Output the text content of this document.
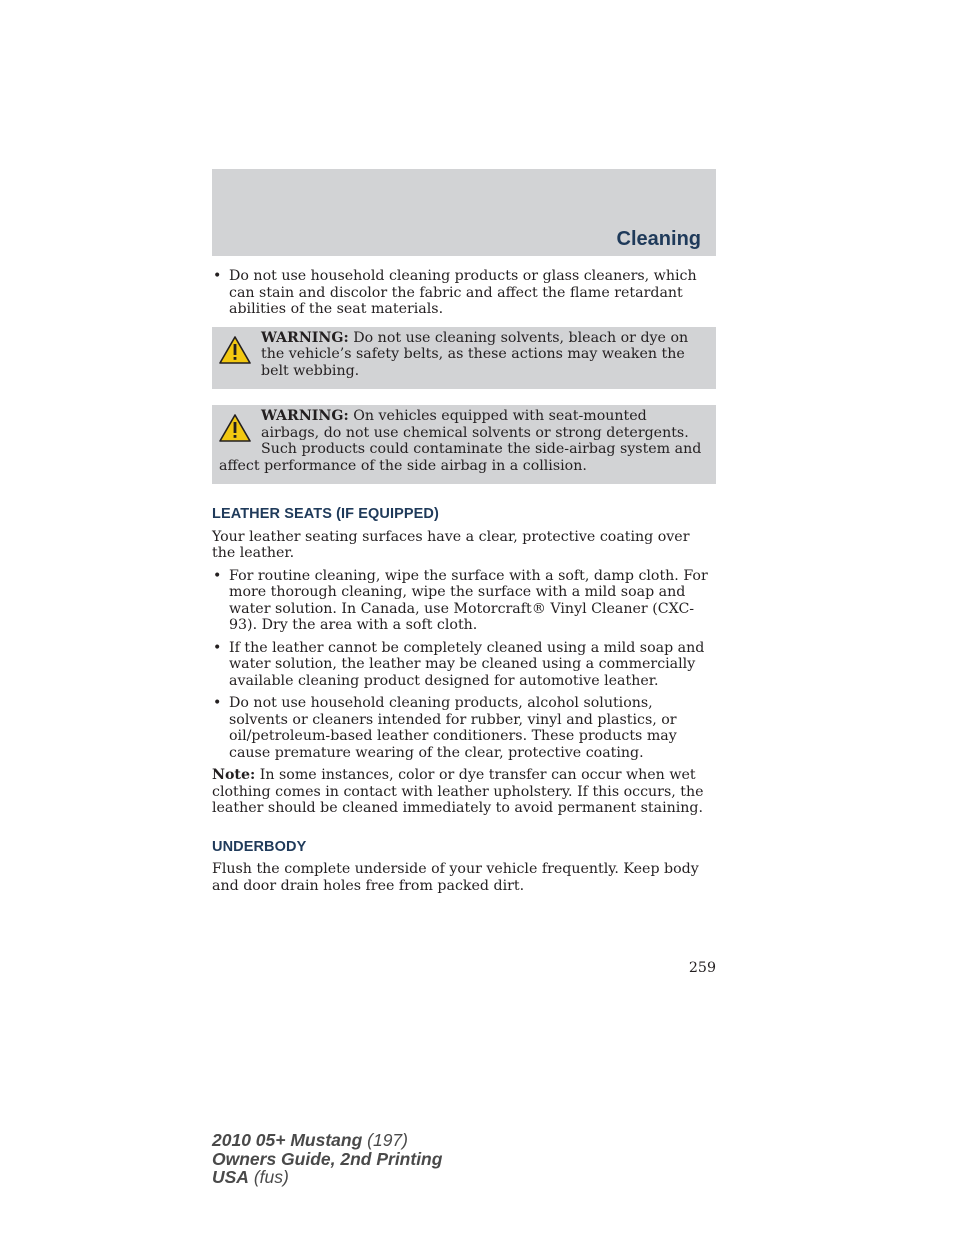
Cleaning
• Do not use household cleaning products or glass cleaners, which can stain and discolor the fabric and affect the flame retardant abilities of the seat materials.
WARNING: Do not use cleaning solvents, bleach or dye on the vehicle’s safety belts, as these actions may weaken the belt webbing.
WARNING: On vehicles equipped with seat-mounted airbags, do not use chemical solvents or strong detergents. Such products could contaminate the side-airbag system and affect performance of the side airbag in a collision.
LEATHER SEATS (IF EQUIPPED)
Your leather seating surfaces have a clear, protective coating over the leather.
• For routine cleaning, wipe the surface with a soft, damp cloth. For more thorough cleaning, wipe the surface with a mild soap and water solution. In Canada, use Motorcraft® Vinyl Cleaner (CXC-93). Dry the area with a soft cloth.
• If the leather cannot be completely cleaned using a mild soap and water solution, the leather may be cleaned using a commercially available cleaning product designed for automotive leather.
• Do not use household cleaning products, alcohol solutions, solvents or cleaners intended for rubber, vinyl and plastics, or oil/petroleum-based leather conditioners. These products may cause premature wearing of the clear, protective coating.
Note: In some instances, color or dye transfer can occur when wet clothing comes in contact with leather upholstery. If this occurs, the leather should be cleaned immediately to avoid permanent staining.
UNDERBODY
Flush the complete underside of your vehicle frequently. Keep body and door drain holes free from packed dirt.
259
2010 05+ Mustang (197)
Owners Guide, 2nd Printing
USA (fus)
